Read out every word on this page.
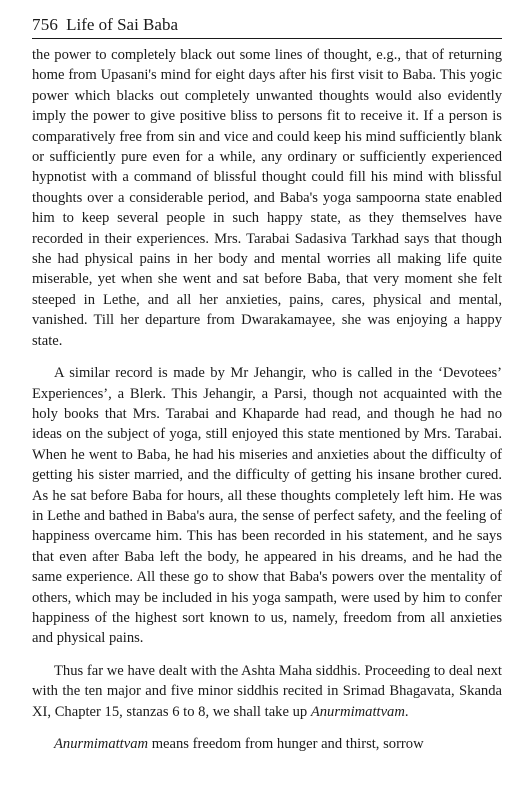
756 Life of Sai Baba

the power to completely black out some lines of thought, e.g., that of returning home from Upasani's mind for eight days after his first visit to Baba. This yogic power which blacks out completely unwanted thoughts would also evidently imply the power to give positive bliss to persons fit to receive it. If a person is comparatively free from sin and vice and could keep his mind sufficiently blank or sufficiently pure even for a while, any ordinary or sufficiently experienced hypnotist with a command of blissful thought could fill his mind with blissful thoughts over a considerable period, and Baba's yoga sampoorna state enabled him to keep several people in such happy state, as they themselves have recorded in their experiences. Mrs. Tarabai Sadasiva Tarkhad says that though she had physical pains in her body and mental worries all making life quite miserable, yet when she went and sat before Baba, that very moment she felt steeped in Lethe, and all her anxieties, pains, cares, physical and mental, vanished. Till her departure from Dwarakamayee, she was enjoying a happy state.

A similar record is made by Mr Jehangir, who is called in the ‘Devotees’ Experiences’, a Blerk. This Jehangir, a Parsi, though not acquainted with the holy books that Mrs. Tarabai and Khaparde had read, and though he had no ideas on the subject of yoga, still enjoyed this state mentioned by Mrs. Tarabai. When he went to Baba, he had his miseries and anxieties about the difficulty of getting his sister married, and the difficulty of getting his insane brother cured. As he sat before Baba for hours, all these thoughts completely left him. He was in Lethe and bathed in Baba's aura, the sense of perfect safety, and the feeling of happiness overcame him. This has been recorded in his statement, and he says that even after Baba left the body, he appeared in his dreams, and he had the same experience. All these go to show that Baba's powers over the mentality of others, which may be included in his yoga sampath, were used by him to confer happiness of the highest sort known to us, namely, freedom from all anxieties and physical pains.

Thus far we have dealt with the Ashta Maha siddhis. Proceeding to deal next with the ten major and five minor siddhis recited in Srimad Bhagavata, Skanda XI, Chapter 15, stanzas 6 to 8, we shall take up Anurmimattvam.

Anurmimattvam means freedom from hunger and thirst, sorrow
